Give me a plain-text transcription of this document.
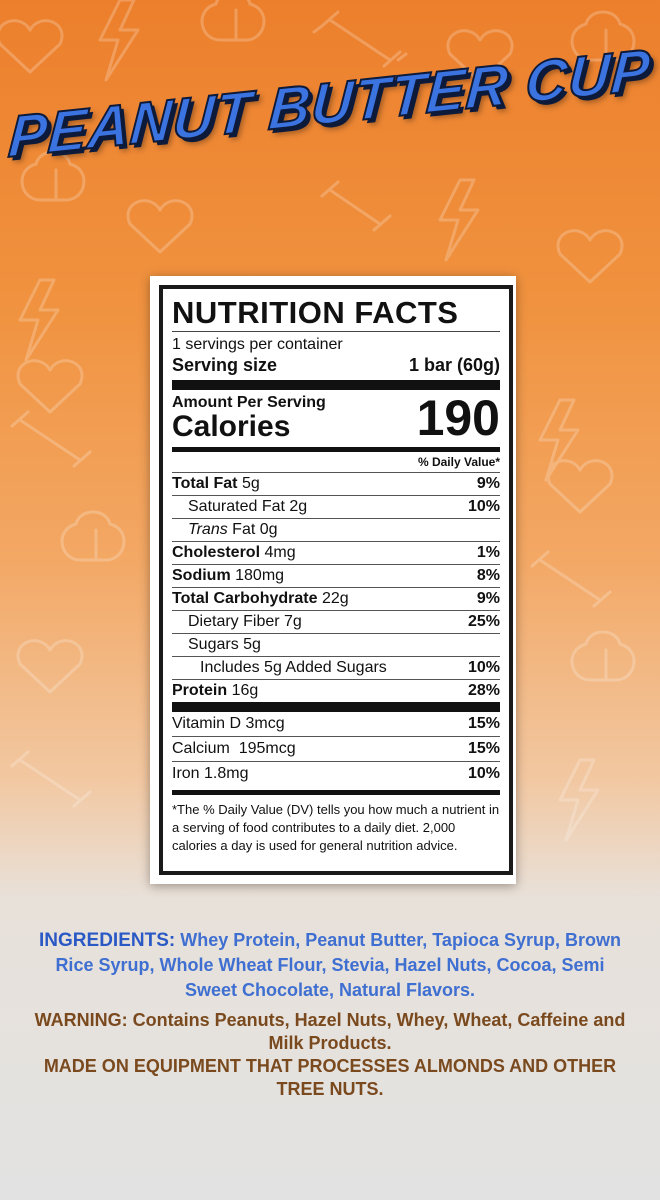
PEANUT BUTTER CUP
NUTRITION FACTS
1 servings per container
Serving size	1 bar (60g)
Amount Per Serving
Calories	190
% Daily Value*
Total Fat 5g	9%
Saturated Fat 2g	10%
Trans Fat 0g
Cholesterol 4mg	1%
Sodium 180mg	8%
Total Carbohydrate 22g	9%
Dietary Fiber 7g	25%
Sugars 5g
Includes 5g Added Sugars	10%
Protein 16g	28%
Vitamin D 3mcg	15%
Calcium 195mcg	15%
Iron 1.8mg	10%
*The % Daily Value (DV) tells you how much a nutrient in a serving of food contributes to a daily diet. 2,000 calories a day is used for general nutrition advice.
INGREDIENTS: Whey Protein, Peanut Butter, Tapioca Syrup, Brown Rice Syrup, Whole Wheat Flour, Stevia, Hazel Nuts, Cocoa, Semi Sweet Chocolate, Natural Flavors.
WARNING: Contains Peanuts, Hazel Nuts, Whey, Wheat, Caffeine and Milk Products.
MADE ON EQUIPMENT THAT PROCESSES ALMONDS AND OTHER TREE NUTS.
